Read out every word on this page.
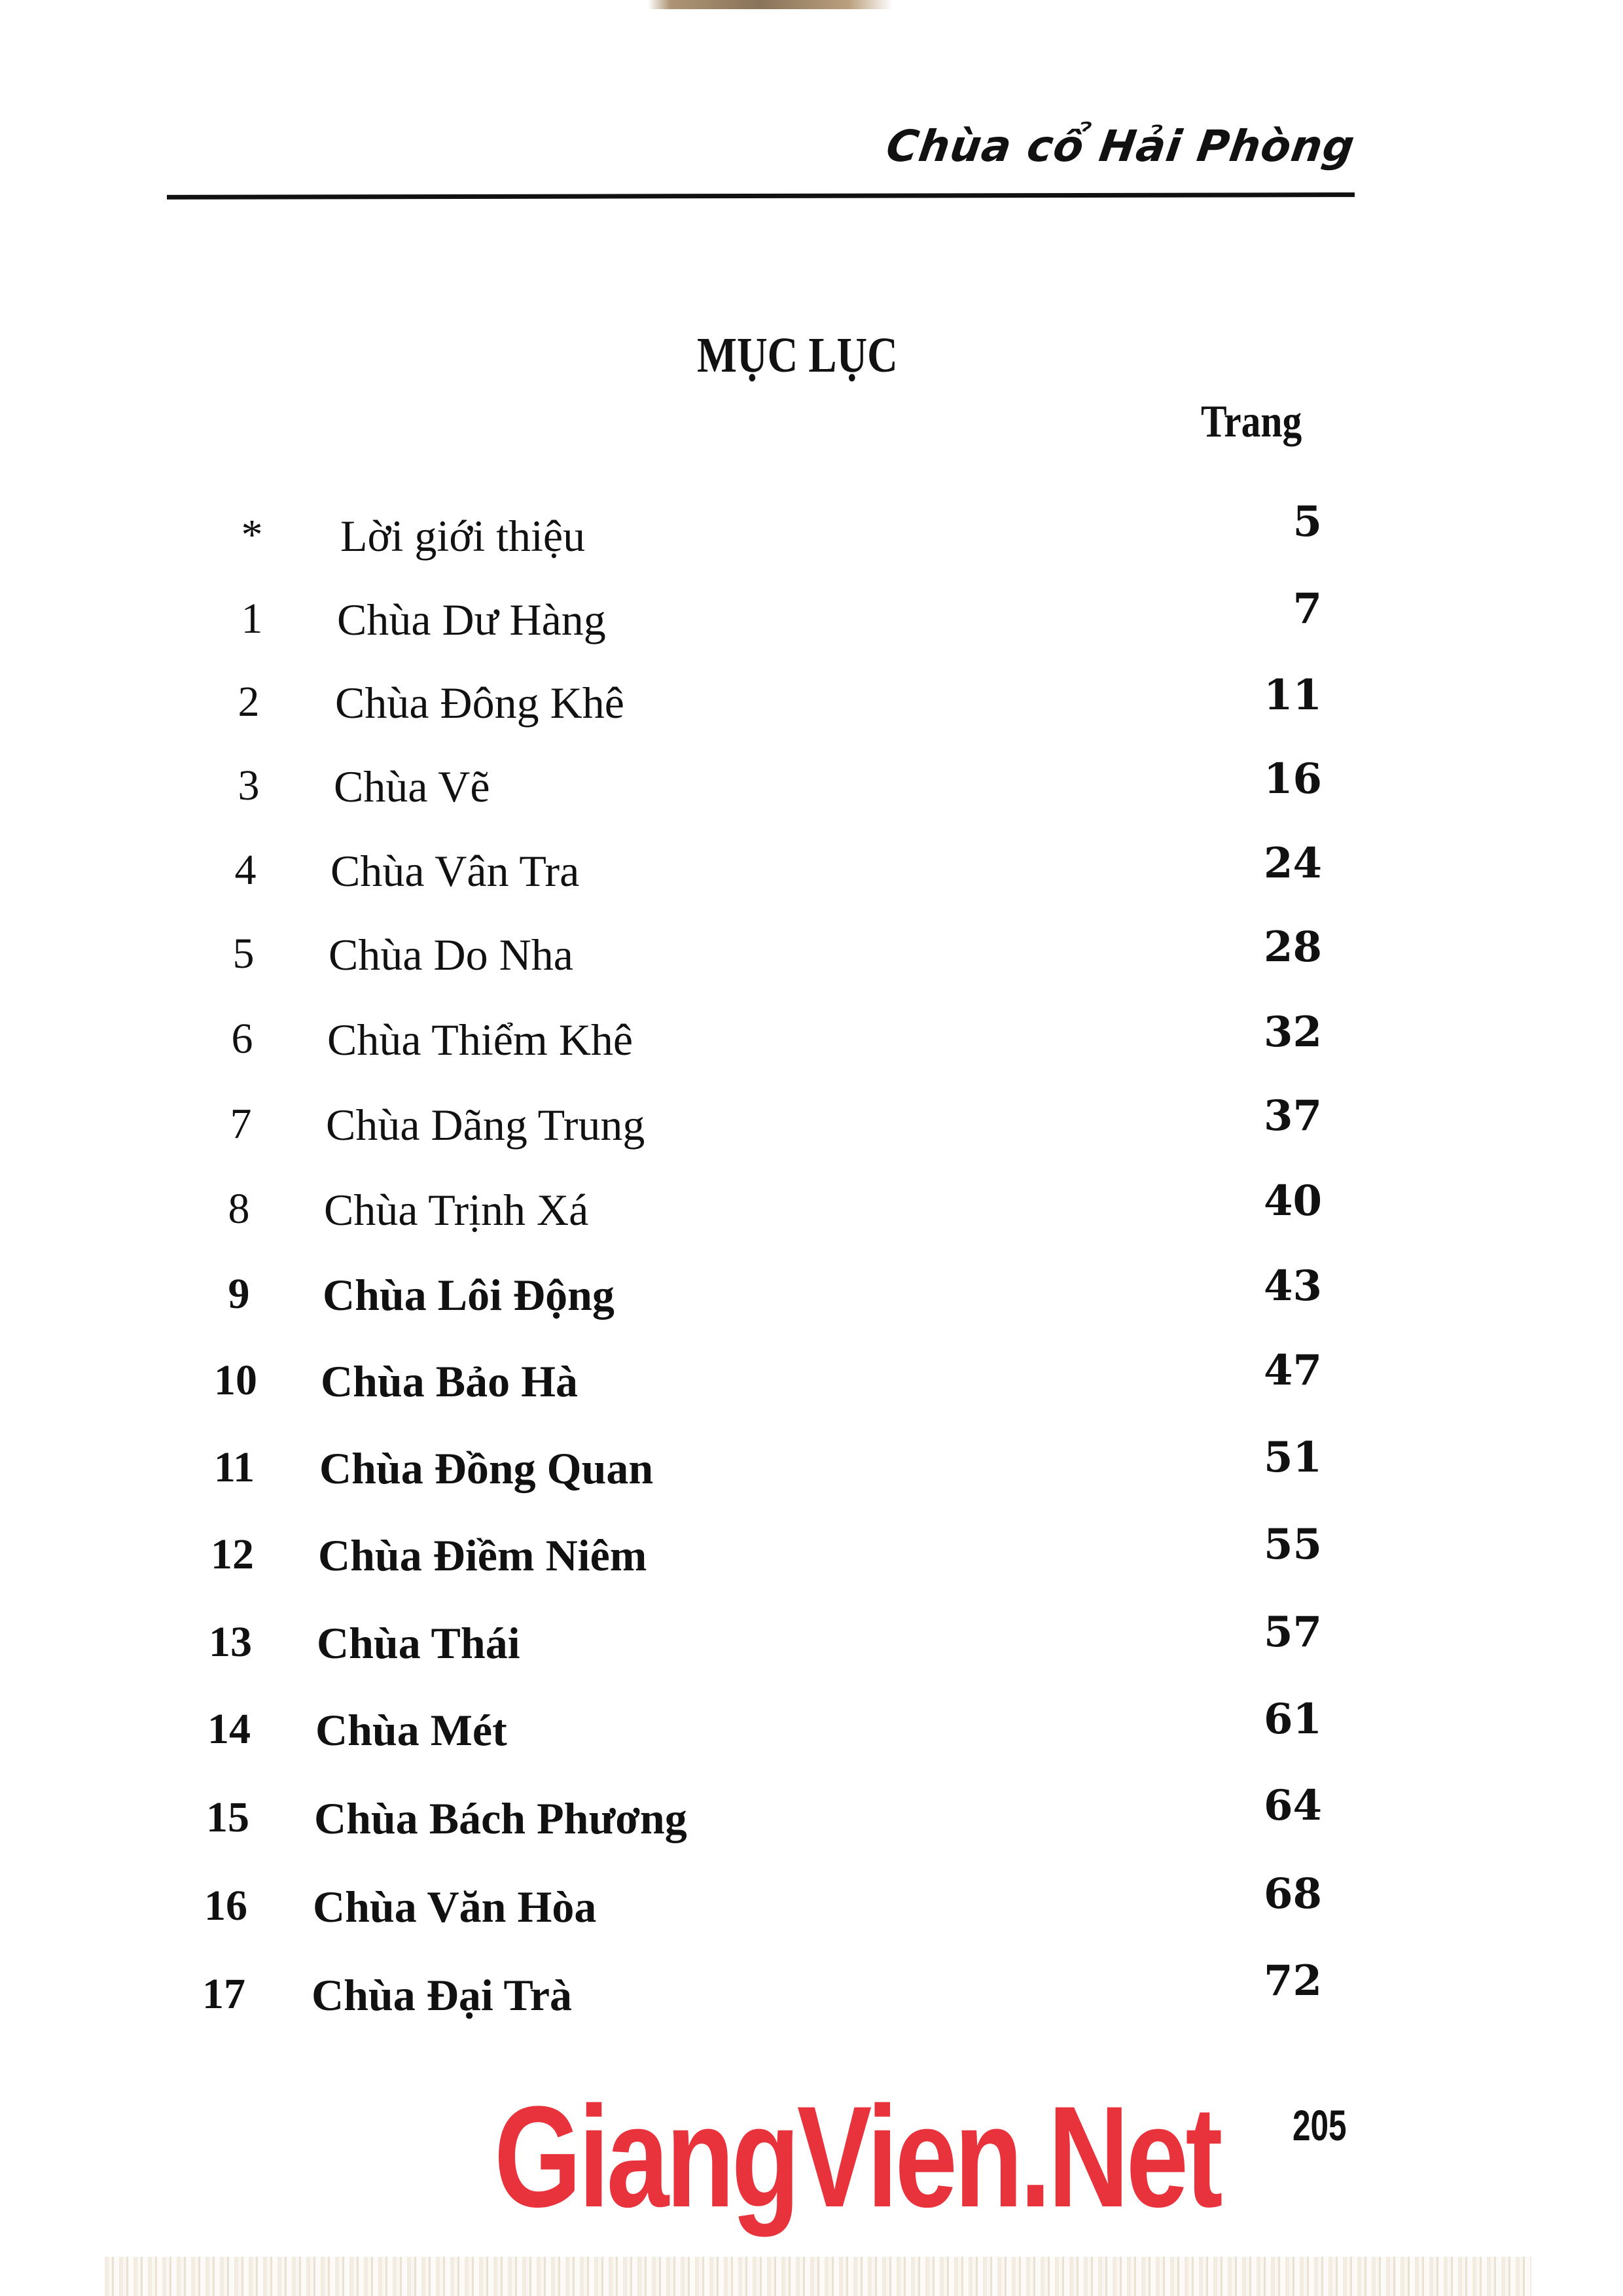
Chùa cổ Hải Phòng
MỤC LỤC
Trang
*	Lời giới thiệu	5
1	Chùa Dư Hàng	7
2	Chùa Đông Khê	11
3	Chùa Vẽ	16
4	Chùa Vân Tra	24
5	Chùa Do Nha	28
6	Chùa Thiểm Khê	32
7	Chùa Dãng Trung	37
8	Chùa Trịnh Xá	40
9	Chùa Lôi Động	43
10	Chùa Bảo Hà	47
11	Chùa Đồng Quan	51
12	Chùa Điềm Niêm	55
13	Chùa Thái	57
14	Chùa Mét	61
15	Chùa Bách Phương	64
16	Chùa Văn Hòa	68
17	Chùa Đại Trà	72
GiangVien.Net 205
